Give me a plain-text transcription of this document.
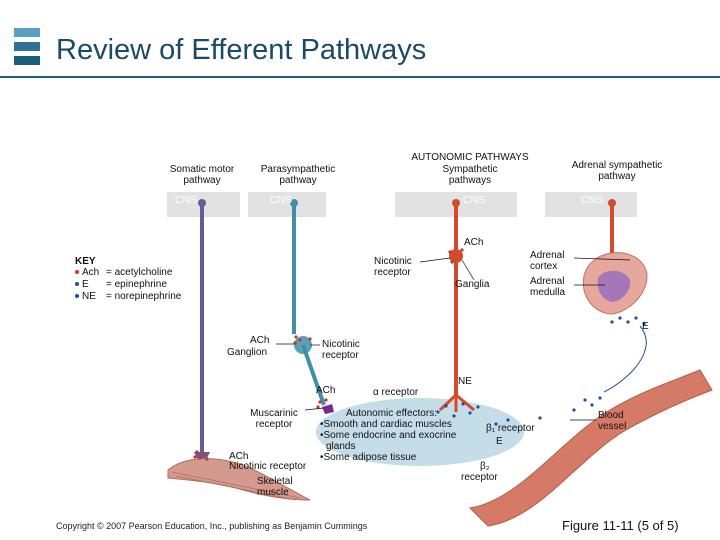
Review of Efferent Pathways
CNS	CNS	CNS	CNS
Somatic motor pathway
Parasympathetic pathway
AUTONOMIC PATHWAYS
Sympathetic pathways
Adrenal sympathetic pathway
KEY
Ach = acetylcholine
E = epinephrine
NE = norepinephrine
ACh
Nicotinic receptor
Ganglia
Adrenal cortex
Adrenal medulla
E
ACh
Ganglion
Nicotinic receptor
ACh	α receptor
NE
Muscarinic receptor
Autonomic effectors:
•Smooth and cardiac muscles
•Some endocrine and exocrine
glands
•Some adipose tissue
β₁ receptor
E
Blood vessel
ACh
Nicotinic receptor	β₂
receptor
Skeletal muscle
Copyright © 2007 Pearson Education, Inc., publishing as Benjamin Cummings	Figure 11-11 (5 of 5)
